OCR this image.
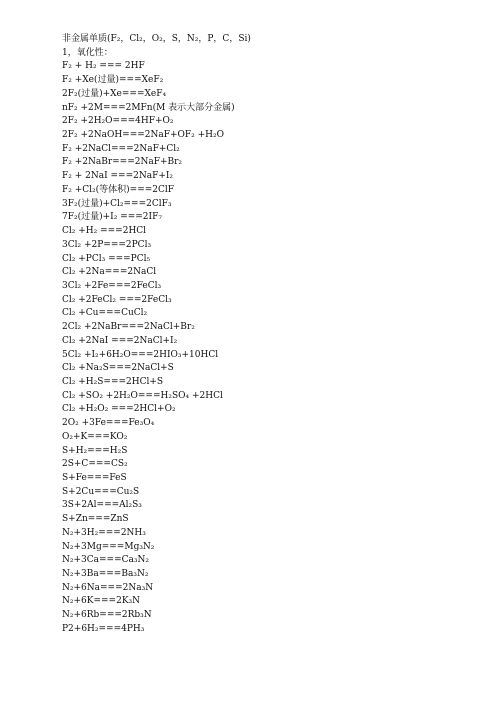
非金属单质(F₂，Cl₂，O₂，S，N₂，P，C，Si)
1，氧化性：
F₂ + H₂ === 2HF
F₂ +Xe(过量)===XeF₂
2F₂(过量)+Xe===XeF₄
nF₂ +2M===2MFn(M 表示大部分金属)
2F₂ +2H₂O===4HF+O₂
2F₂ +2NaOH===2NaF+OF₂ +H₂O
F₂ +2NaCl===2NaF+Cl₂
F₂ +2NaBr===2NaF+Br₂
F₂ + 2NaI ===2NaF+I₂
F₂ +Cl₂(等体积)===2ClF
3F₂(过量)+Cl₂===2ClF₃
7F₂(过量)+I₂ ===2IF₇
Cl₂ +H₂ ===2HCl
3Cl₂ +2P===2PCl₃
Cl₂ +PCl₃ ===PCl₅
Cl₂ +2Na===2NaCl
3Cl₂ +2Fe===2FeCl₃
Cl₂ +2FeCl₂ ===2FeCl₃
Cl₂ +Cu===CuCl₂
2Cl₂ +2NaBr===2NaCl+Br₂
Cl₂ +2NaI ===2NaCl+I₂
5Cl₂ +I₂+6H₂O===2HIO₃+10HCl
Cl₂ +Na₂S===2NaCl+S
Cl₂ +H₂S===2HCl+S
Cl₂ +SO₂ +2H₂O===H₂SO₄ +2HCl
Cl₂ +H₂O₂ ===2HCl+O₂
2O₂ +3Fe===Fe₃O₄
O₂+K===KO₂
S+H₂===H₂S
2S+C===CS₂
S+Fe===FeS
S+2Cu===Cu₂S
3S+2Al===Al₂S₃
S+Zn===ZnS
N₂+3H₂===2NH₃
N₂+3Mg===Mg₃N₂
N₂+3Ca===Ca₃N₂
N₂+3Ba===Ba₃N₂
N₂+6Na===2Na₃N
N₂+6K===2K₃N
N₂+6Rb===2Rb₃N
P2+6H₂===4PH₃
